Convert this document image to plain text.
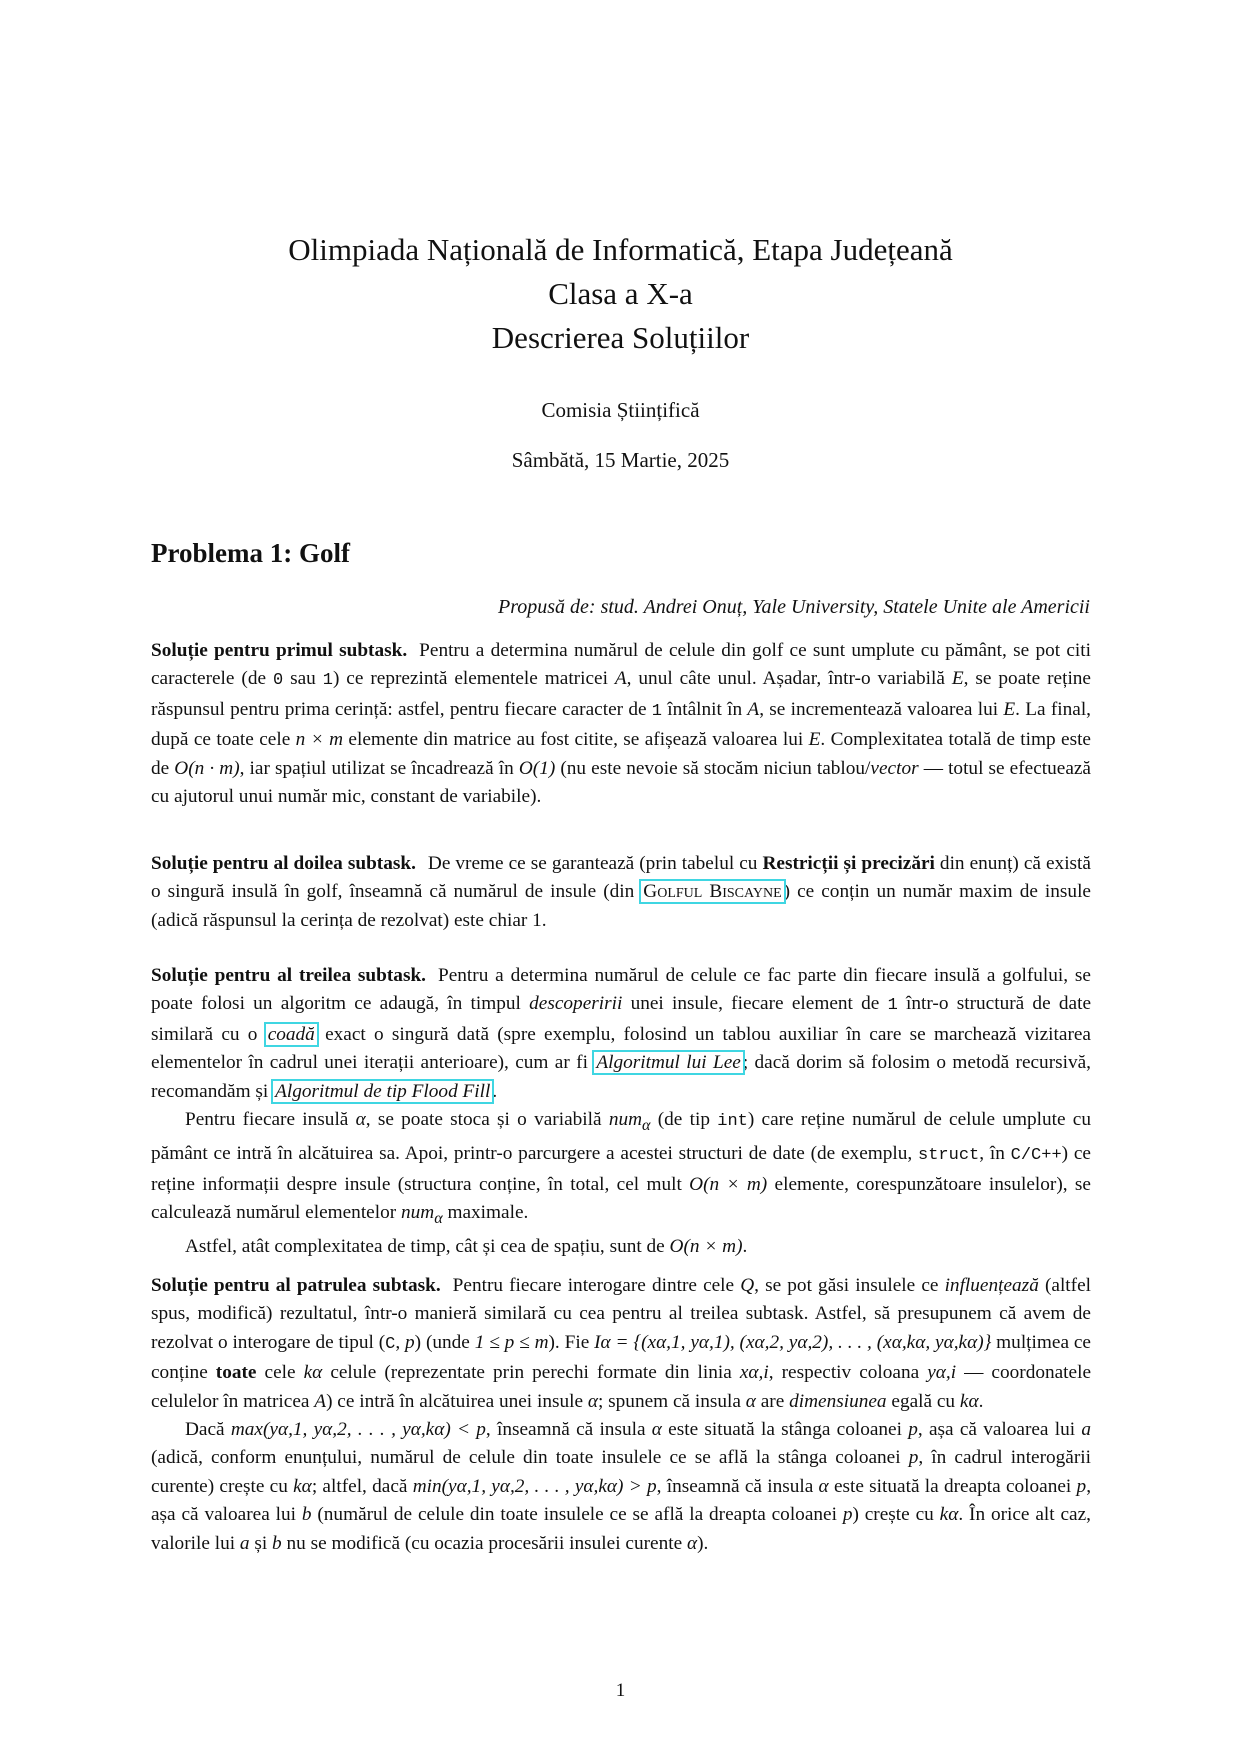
Olimpiada Națională de Informatică, Etapa Județeană
Clasa a X-a
Descrierea Soluțiilor
Comisia Științifică
Sâmbătă, 15 Martie, 2025
Problema 1: Golf
Propusă de: stud. Andrei Onuț, Yale University, Statele Unite ale Americii

Soluție pentru primul subtask. Pentru a determina numărul de celule din golf ce sunt umplute cu pământ, se pot citi caracterele (de 0 sau 1) ce reprezintă elementele matricei A, unul câte unul. Așadar, într-o variabilă E, se poate reține răspunsul pentru prima cerință: astfel, pentru fiecare caracter de 1 întâlnit în A, se incrementează valoarea lui E. La final, după ce toate cele n × m elemente din matrice au fost citite, se afișează valoarea lui E. Complexitatea totală de timp este de O(n · m), iar spațiul utilizat se încadrează în O(1) (nu este nevoie să stocăm niciun tablou/vector — totul se efectuează cu ajutorul unui număr mic, constant de variabile).

Soluție pentru al doilea subtask. De vreme ce se garantează (prin tabelul cu Restricții și precizări din enunț) că există o singură insulă în golf, înseamnă că numărul de insule (din Golful Biscayne ) ce conțin un număr maxim de insule (adică răspunsul la cerința de rezolvat) este chiar 1.

Soluție pentru al treilea subtask. Pentru a determina numărul de celule ce fac parte din fiecare insulă a golfului, se poate folosi un algoritm ce adaugă, în timpul descoperirii unei insule, fiecare element de 1 într-o structură de date similară cu o coadă exact o singură dată (spre exemplu, folosind un tablou auxiliar în care se marchează vizitarea elementelor în cadrul unei iterații anterioare), cum ar fi Algoritmul lui Lee ; dacă dorim să folosim o metodă recursivă, recomandăm și Algoritmul de tip Flood Fill .

Pentru fiecare insulă α, se poate stoca și o variabilă num$_\alpha$ (de tip int) care reține numărul de celule umplute cu pământ ce intră în alcătuirea sa. Apoi, printr-o parcurgere a acestei structuri de date (de exemplu, struct, în C/C++) ce reține informații despre insule (structura conține, în total, cel mult O(n × m) elemente, corespunzătoare insulelor), se calculează numărul elementelor num$_\alpha$ maximale.

Astfel, atât complexitatea de timp, cât și cea de spațiu, sunt de O(n × m).

Soluție pentru al patrulea subtask. Pentru fiecare interogare dintre cele Q, se pot găsi insulele ce influențează (altfel spus, modifică) rezultatul, într-o manieră similară cu cea pentru al treilea subtask. Astfel, să presupunem că avem de rezolvat o interogare de tipul (C, p) (unde 1 ≤ p ≤ m). Fie Iα = {(xα,1, yα,1), (xα,2, yα,2), . . . , (xα,kα, yα,kα)} mulțimea ce conține toate cele kα celule (reprezentate prin perechi formate din linia xα,i, respectiv coloana yα,i — coordonatele celulelor în matricea A) ce intră în alcătuirea unei insule α; spunem că insula α are dimensiunea egală cu kα.

Dacă max(yα,1, yα,2, . . . , yα,kα) < p, înseamnă că insula α este situată la stânga coloanei p, așa că valoarea lui a (adică, conform enunțului, numărul de celule din toate insulele ce se află la stânga coloanei p, în cadrul interogării curente) crește cu kα; altfel, dacă min(yα,1, yα,2, . . . , yα,kα) > p, înseamnă că insula α este situată la dreapta coloanei p, așa că valoarea lui b (numărul de celule din toate insulele ce se află la dreapta coloanei p) crește cu kα. În orice alt caz, valorile lui a și b nu se modifică (cu ocazia procesării insulei curente α).

1
